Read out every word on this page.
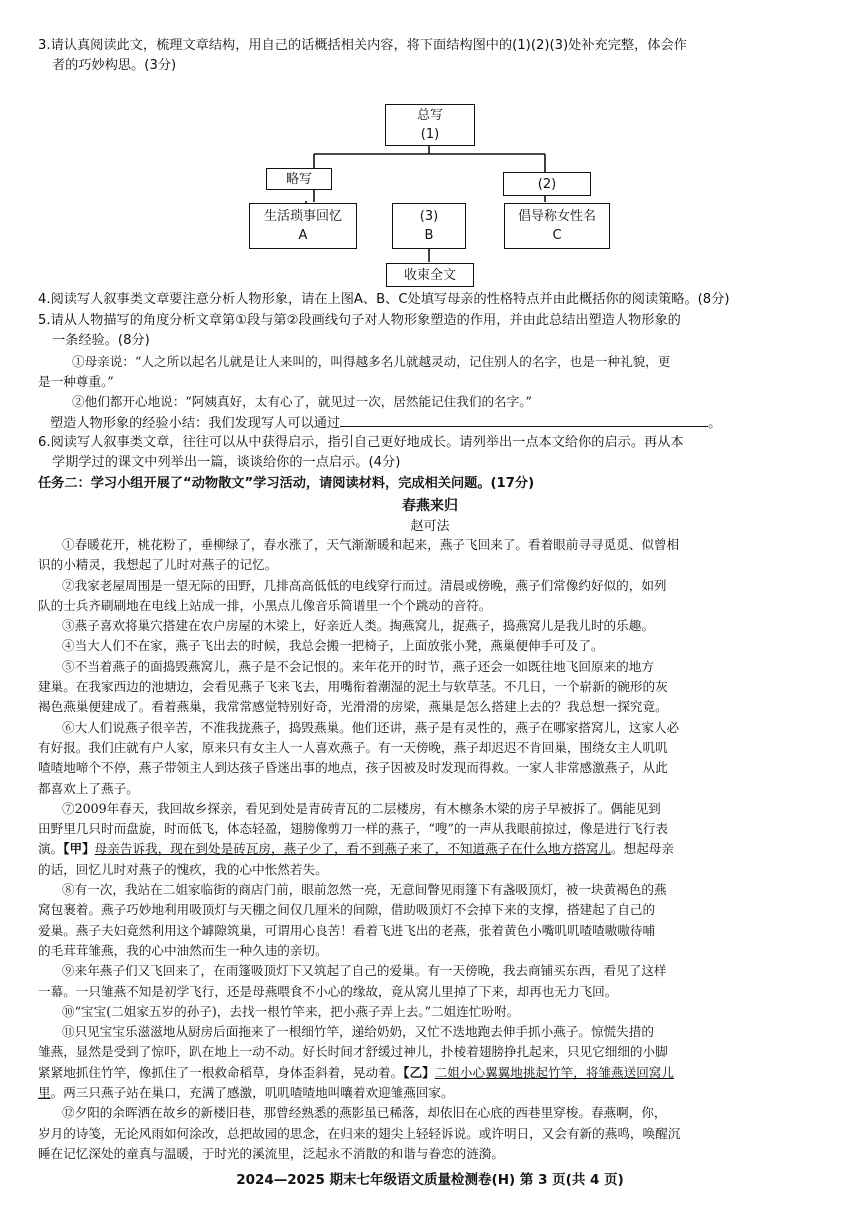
3.请认真阅读此文，梳理文章结构，用自己的话概括相关内容，将下面结构图中的(1)(2)(3)处补充完整，体会作
者的巧妙构思。(3分)
总写
(1)
略写	(2)
生活琐事回忆
A
(3)
B
倡导称女性名
C
收束全文
4.阅读写人叙事类文章要注意分析人物形象，请在上图A、B、C处填写母亲的性格特点并由此概括你的阅读策略。(8分)
5.请从人物描写的角度分析文章第①段与第②段画线句子对人物形象塑造的作用，并由此总结出塑造人物形象的
一条经验。(8分)
①母亲说：“人之所以起名儿就是让人来叫的，叫得越多名儿就越灵动，记住别人的名字，也是一种礼貌，更
是一种尊重。”
②他们都开心地说：“阿姨真好，太有心了，就见过一次，居然能记住我们的名字。”
塑造人物形象的经验小结：我们发现写人可以通过	。
6.阅读写人叙事类文章，往往可以从中获得启示，指引自己更好地成长。请列举出一点本文给你的启示。再从本
学期学过的课文中列举出一篇，谈谈给你的一点启示。(4分)
任务二：学习小组开展了“动物散文”学习活动，请阅读材料，完成相关问题。(17分)
春燕来归
赵可法
①春暖花开，桃花粉了，垂柳绿了，春水涨了，天气渐渐暖和起来，燕子飞回来了。看着眼前寻寻觅觅、似曾相
识的小精灵，我想起了儿时对燕子的记忆。
②我家老屋周围是一望无际的田野，几排高高低低的电线穿行而过。清晨或傍晚，燕子们常像约好似的，如列
队的士兵齐刷刷地在电线上站成一排，小黑点儿像音乐简谱里一个个跳动的音符。
③燕子喜欢将巢穴搭建在农户房屋的木梁上，好亲近人类。掏燕窝儿，捉燕子，捣燕窝儿是我儿时的乐趣。
④当大人们不在家，燕子飞出去的时候，我总会搬一把椅子，上面放张小凳，燕巢便伸手可及了。
⑤不当着燕子的面捣毁燕窝儿，燕子是不会记恨的。来年花开的时节，燕子还会一如既往地飞回原来的地方
建巢。在我家西边的池塘边，会看见燕子飞来飞去，用嘴衔着潮湿的泥土与软草茎。不几日，一个崭新的碗形的灰
褐色燕巢便建成了。看着燕巢，我常常感觉特别好奇，光滑滑的房梁，燕巢是怎么搭建上去的？我总想一探究竟。
⑥大人们说燕子很辛苦，不准我拢燕子，捣毁燕巢。他们还讲，燕子是有灵性的，燕子在哪家搭窝儿，这家人必
有好报。我们庄就有户人家，原来只有女主人一人喜欢燕子。有一天傍晚，燕子却迟迟不肯回巢，围绕女主人叽叽
喳喳地啼个不停，燕子带领主人到达孩子昏迷出事的地点，孩子因被及时发现而得救。一家人非常感激燕子，从此
都喜欢上了燕子。
⑦2009年春天，我回故乡探亲，看见到处是青砖青瓦的二层楼房，有木檩条木梁的房子早被拆了。偶能见到
田野里几只时而盘旋，时而低飞，体态轻盈，翅膀像剪刀一样的燕子，“嗖”的一声从我眼前掠过，像是进行飞行表
演。【甲】母亲告诉我，现在到处是砖瓦房，燕子少了，看不到燕子来了，不知道燕子在什么地方搭窝儿。想起母亲
的话，回忆儿时对燕子的愧疚，我的心中怅然若失。
⑧有一次，我站在二姐家临街的商店门前，眼前忽然一亮，无意间瞥见雨篷下有盏吸顶灯，被一块黄褐色的燕
窝包裹着。燕子巧妙地利用吸顶灯与天棚之间仅几厘米的间隙，借助吸顶灯不会掉下来的支撑，搭建起了自己的
爱巢。燕子夫妇竟然利用这个罅隙筑巢，可谓用心良苦！看着飞进飞出的老燕，张着黄色小嘴叽叽喳喳嗷嗷待哺
的毛茸茸雏燕，我的心中油然而生一种久违的亲切。
⑨来年燕子们又飞回来了，在雨篷吸顶灯下又筑起了自己的爱巢。有一天傍晚，我去商铺买东西，看见了这样
一幕。一只雏燕不知是初学飞行，还是母燕喂食不小心的缘故，竟从窝儿里掉了下来，却再也无力飞回。
⑩“宝宝(二姐家五岁的孙子)，去找一根竹竿来，把小燕子弄上去。”二姐连忙吩咐。
⑪只见宝宝乐滋滋地从厨房后面拖来了一根细竹竿，递给奶奶，又忙不迭地跑去伸手抓小燕子。惊慌失措的
雏燕，显然是受到了惊吓，趴在地上一动不动。好长时间才舒缓过神儿，扑棱着翅膀挣扎起来，只见它细细的小脚
紧紧地抓住竹竿，像抓住了一根救命稻草，身体歪斜着，晃动着。【乙】二姐小心翼翼地挑起竹竿，将雏燕送回窝儿
里。两三只燕子站在巢口，充满了感激，叽叽喳喳地叫嚷着欢迎雏燕回家。
⑫夕阳的余晖洒在故乡的新楼旧巷，那曾经熟悉的燕影虽已稀落，却依旧在心底的西巷里穿梭。春燕啊，你，
岁月的诗笺，无论风雨如何涂改，总把故园的思念，在归来的翅尖上轻轻诉说。或许明日，又会有新的燕鸣，唤醒沉
睡在记忆深处的童真与温暖，于时光的溪流里，泛起永不消散的和谐与眷恋的涟漪。
2024—2025 期末七年级语文质量检测卷(H) 第 3 页(共 4 页)
